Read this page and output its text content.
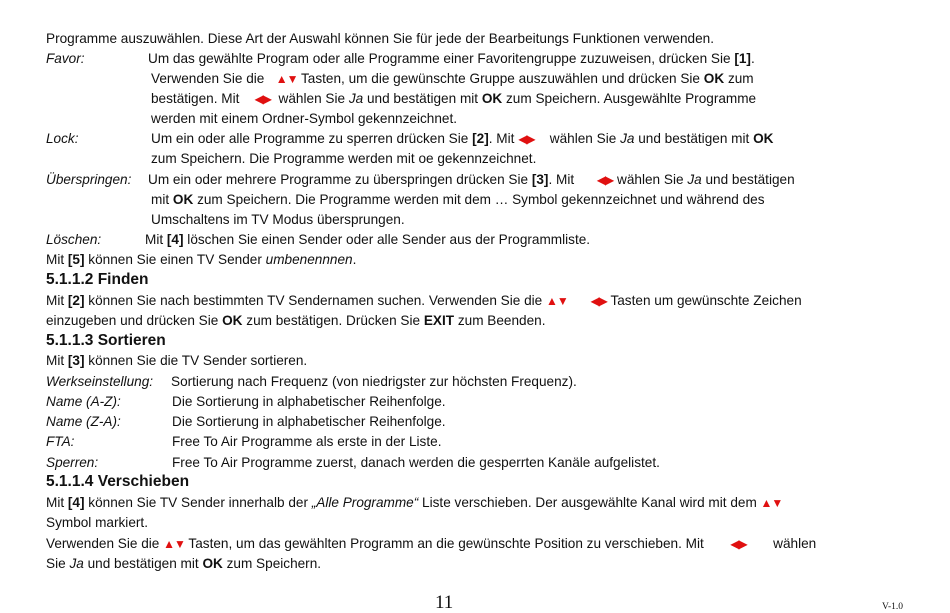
Programme auszuwählen. Diese Art der Auswahl können Sie für jede der Bearbeitungs Funktionen verwenden.
Favor:	Um das gewählte Program oder alle Programme einer Favoritengruppe zuzuweisen, drücken Sie [1].
Verwenden Sie die   ▲▼ Tasten, um die gewünschte Gruppe auszuwählen und drücken Sie OK zum
bestätigen. Mit    ◀▶  wählen Sie Ja und bestätigen mit OK zum Speichern. Ausgewählte Programme
werden mit einem Ordner-Symbol gekennzeichnet.
Lock:	Um ein oder alle Programme zu sperren drücken Sie [2]. Mit ◀▶    wählen Sie Ja und bestätigen mit OK
zum Speichern. Die Programme werden mit oe gekennzeichnet.
Überspringen: Um ein oder mehrere Programme zu überspringen drücken Sie [3]. Mit      ◀▶ wählen Sie Ja und bestätigen
mit OK zum Speichern. Die Programme werden mit dem … Symbol gekennzeichnet und während des
Umschaltens im TV Modus übersprungen.
Löschen:	Mit [4] löschen Sie einen Sender oder alle Sender aus der Programmliste.
Mit [5] können Sie einen TV Sender umbenennnen.
5.1.1.2 Finden
Mit [2] können Sie nach bestimmten TV Sendernamen suchen. Verwenden Sie die ▲▼ ◀▶ Tasten um gewünschte Zeichen
einzugeben und drücken Sie OK zum bestätigen. Drücken Sie EXIT zum Beenden.
5.1.1.3 Sortieren
Mit [3] können Sie die TV Sender sortieren.
Werkseinstellung: Sortierung nach Frequenz (von niedrigster zur höchsten Frequenz).
Name (A-Z):	Die Sortierung in alphabetischer Reihenfolge.
Name (Z-A):	Die Sortierung in alphabetischer Reihenfolge.
FTA:	Free To Air Programme als erste in der Liste.
Sperren:	Free To Air Programme zuerst, danach werden die gesperrten Kanäle aufgelistet.
5.1.1.4 Verschieben
Mit [4] können Sie TV Sender innerhalb der „Alle Programme“ Liste verschieben. Der ausgewählte Kanal wird mit dem ▲▼
Symbol markiert.
Verwenden Sie die ▲▼ Tasten, um das gewählten Programm an die gewünschte Position zu verschieben. Mit       ◀▶       wählen
Sie Ja und bestätigen mit OK zum Speichern.
11	V-1.0
